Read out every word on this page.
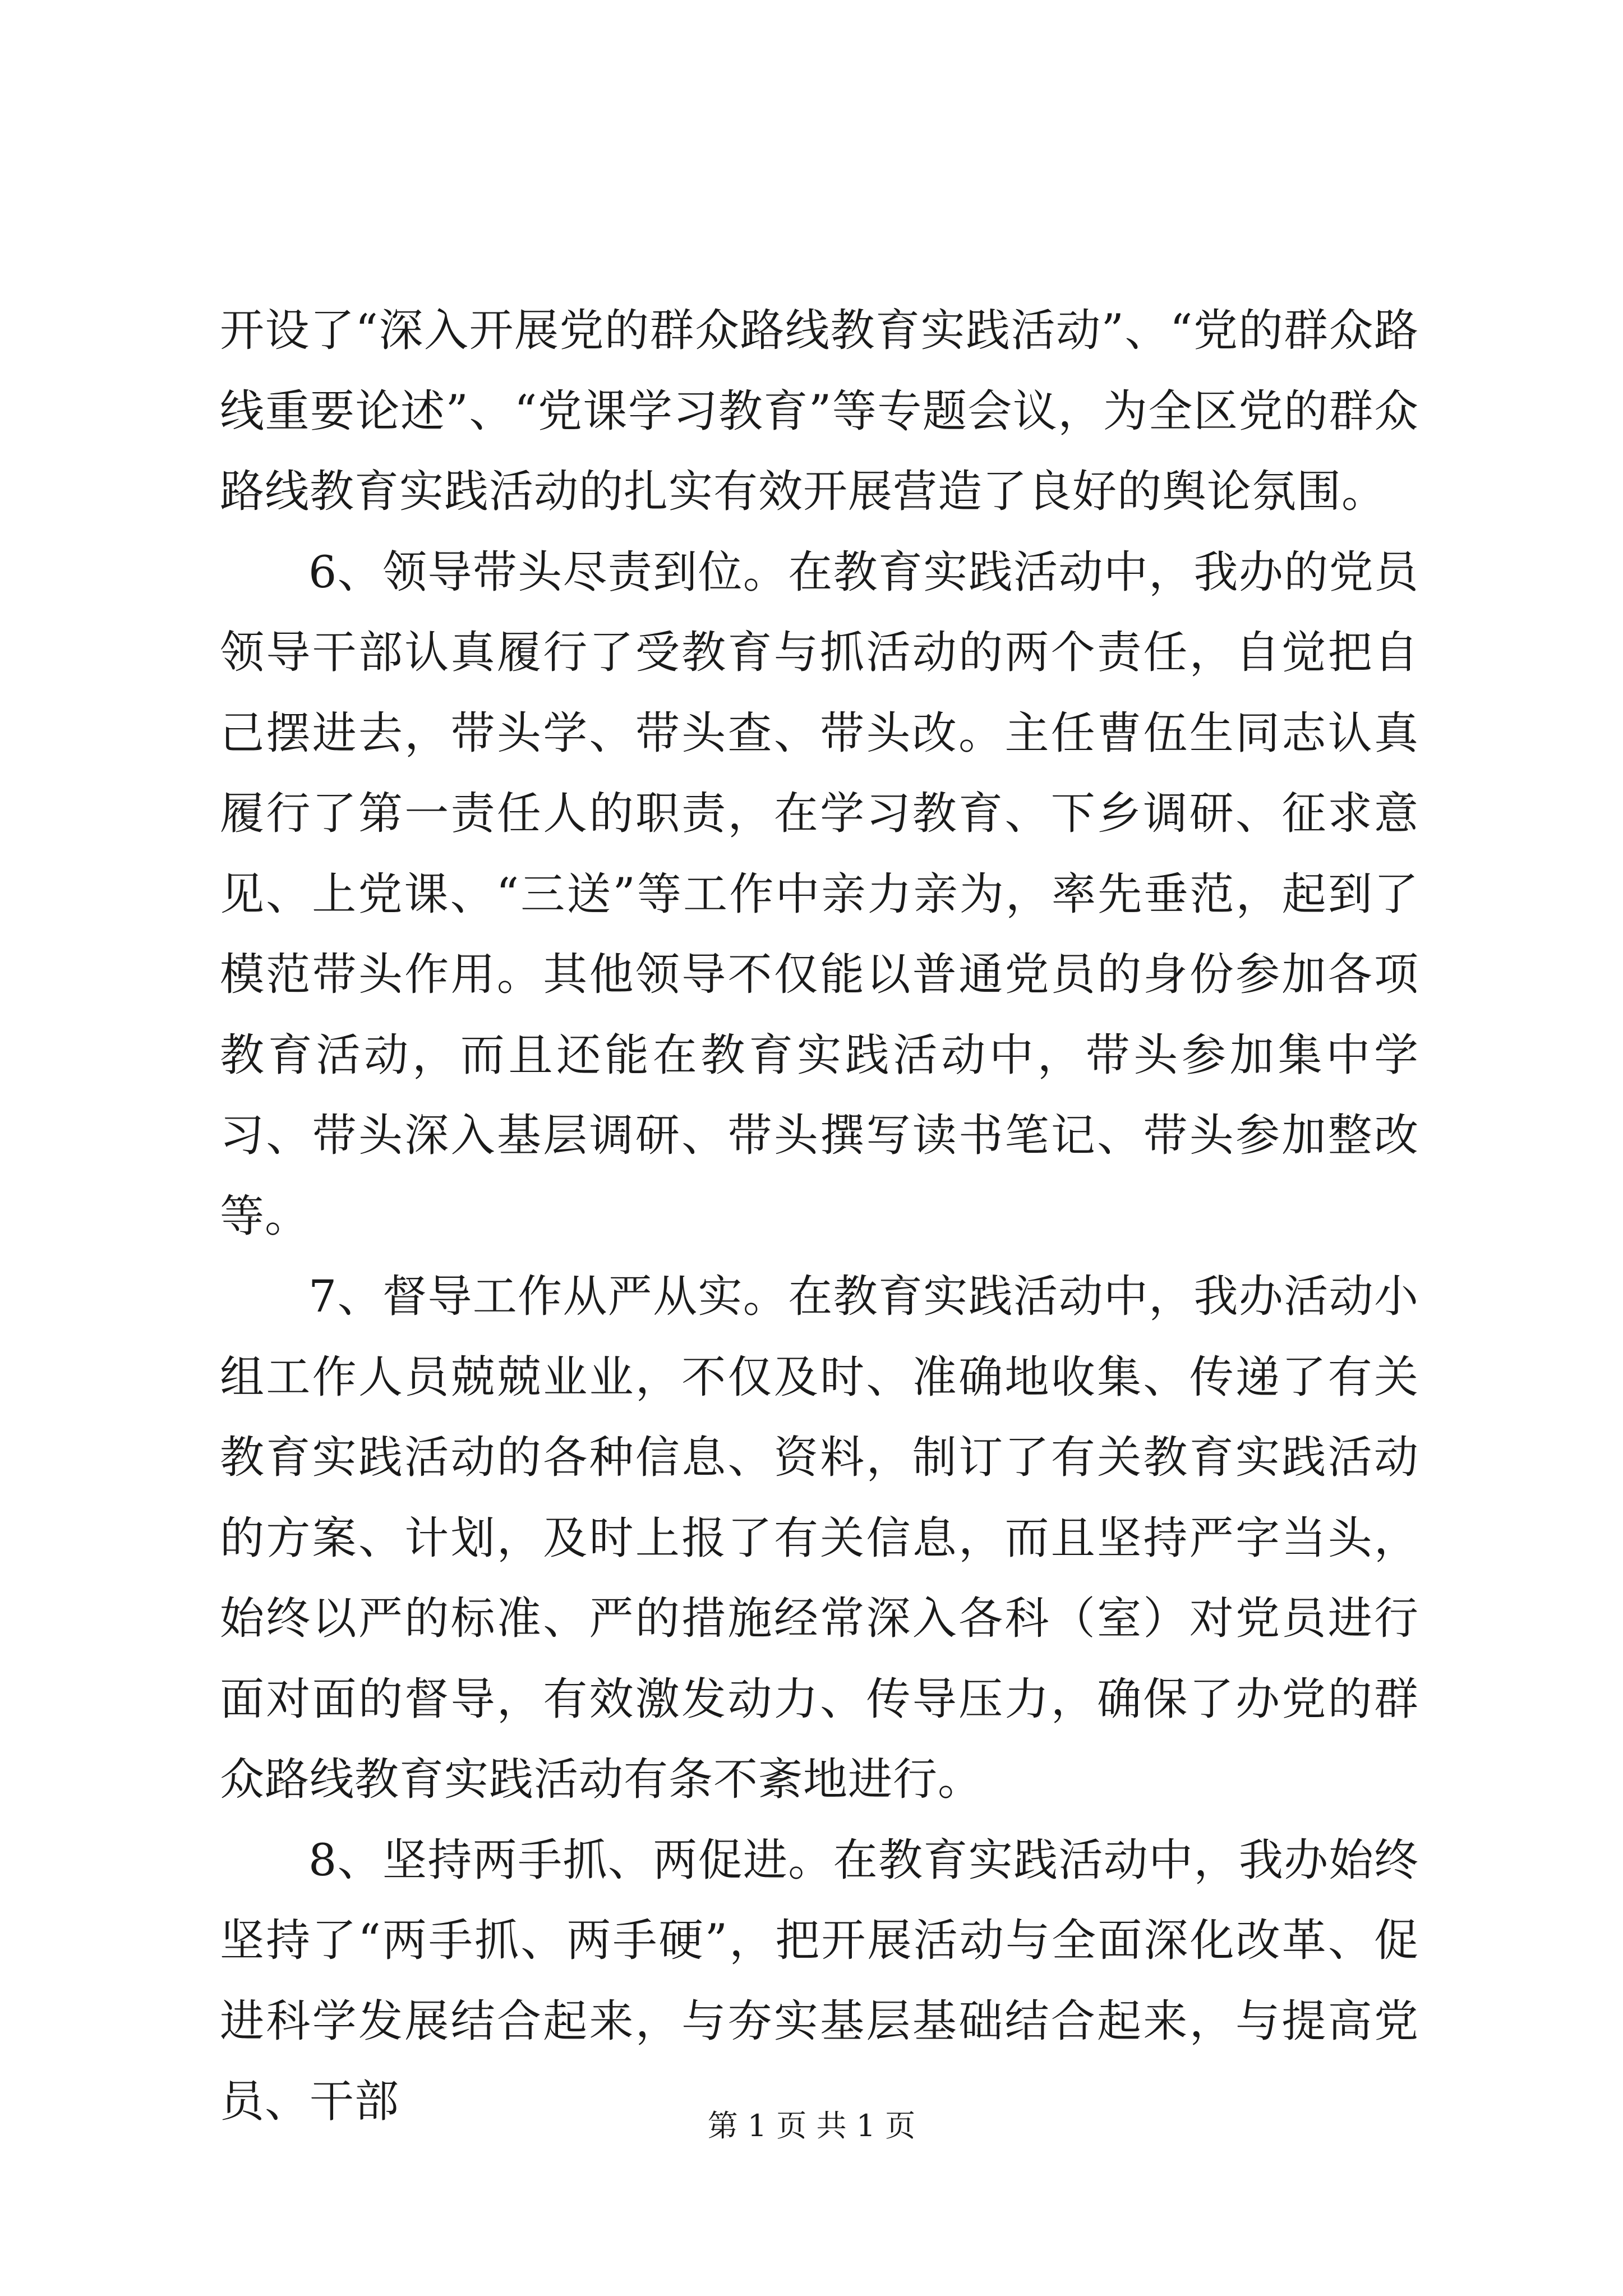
开设了“深入开展党的群众路线教育实践活动”、“党的群众路线重要论述”、“党课学习教育”等专题会议，为全区党的群众路线教育实践活动的扎实有效开展营造了良好的舆论氛围。

6、领导带头尽责到位。在教育实践活动中，我办的党员领导干部认真履行了受教育与抓活动的两个责任，自觉把自己摆进去，带头学、带头查、带头改。主任曹伍生同志认真履行了第一责任人的职责，在学习教育、下乡调研、征求意见、上党课、“三送”等工作中亲力亲为，率先垂范，起到了模范带头作用。其他领导不仅能以普通党员的身份参加各项教育活动，而且还能在教育实践活动中，带头参加集中学习、带头深入基层调研、带头撰写读书笔记、带头参加整改等。

7、督导工作从严从实。在教育实践活动中，我办活动小组工作人员兢兢业业，不仅及时、准确地收集、传递了有关教育实践活动的各种信息、资料，制订了有关教育实践活动的方案、计划，及时上报了有关信息，而且坚持严字当头，始终以严的标准、严的措施经常深入各科（室）对党员进行面对面的督导，有效激发动力、传导压力，确保了办党的群众路线教育实践活动有条不紊地进行。

8、坚持两手抓、两促进。在教育实践活动中，我办始终坚持了“两手抓、两手硬”，把开展活动与全面深化改革、促进科学发展结合起来，与夯实基层基础结合起来，与提高党员、干部	第 1 页 共 1 页
